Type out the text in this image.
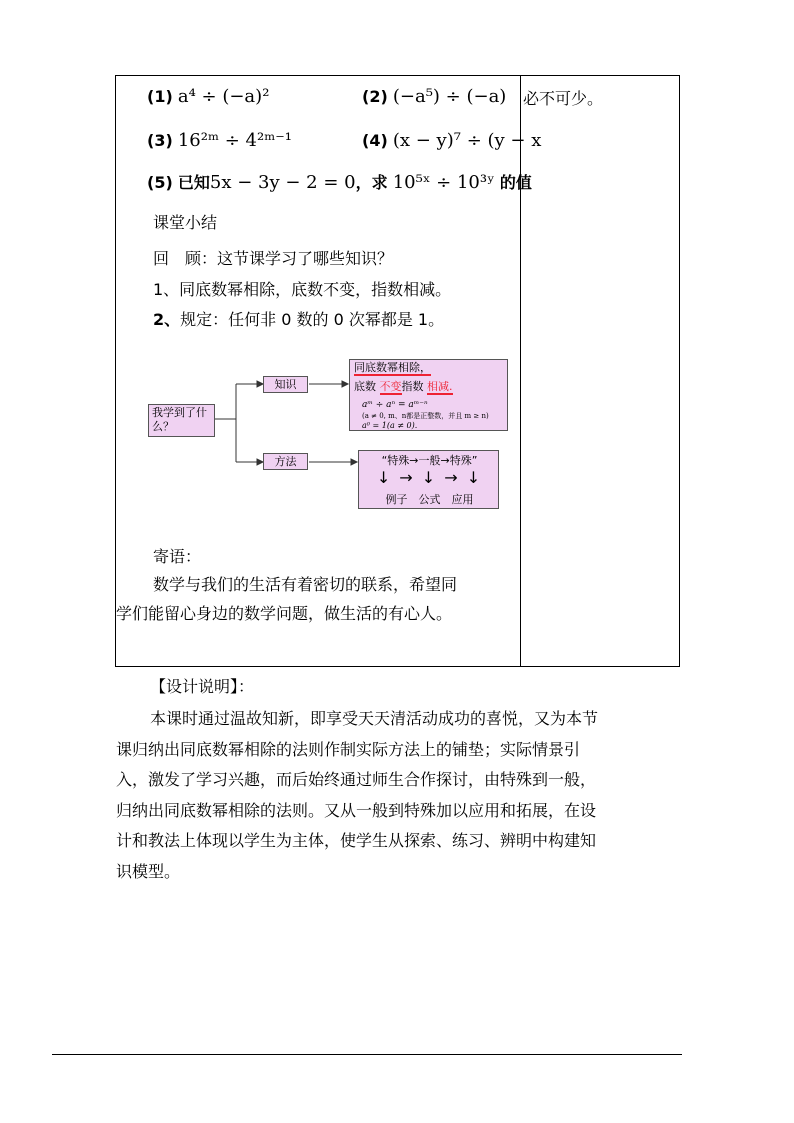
(1) a⁴ ÷ (−a)²	(2) (−a⁵) ÷ (−a)	必不可少。
(3) 16²ᵐ ÷ 4²ᵐ⁻¹	(4) (x − y)⁷ ÷ (y − x
(5) 已知5x − 3y − 2 = 0，求 10⁵ˣ ÷ 10³ʸ 的值
课堂小结
回　顾：这节课学习了哪些知识？
1、同底数幂相除，底数不变，指数相减。
2、规定：任何非 0 数的 0 次幂都是 1。
我学到了什么？
知识
方法
同底数幂相除，
底数 不变指数 相减.
aᵐ ÷ aⁿ = aᵐ⁻ⁿ
(a ≠ 0, m、n都是正整数，并且 m ≥ n)
a⁰ = 1(a ≠ 0).
“特殊→一般→特殊”
↓ → ↓ → ↓
例子　公式　应用
寄语：
数学与我们的生活有着密切的联系，希望同
学们能留心身边的数学问题，做生活的有心人。
【设计说明】：
本课时通过温故知新，即享受天天清活动成功的喜悦，又为本节
课归纳出同底数幂相除的法则作制实际方法上的铺垫；实际情景引
入，激发了学习兴趣，而后始终通过师生合作探讨，由特殊到一般，
归纳出同底数幂相除的法则。又从一般到特殊加以应用和拓展，在设
计和教法上体现以学生为主体，使学生从探索、练习、辨明中构建知
识模型。
